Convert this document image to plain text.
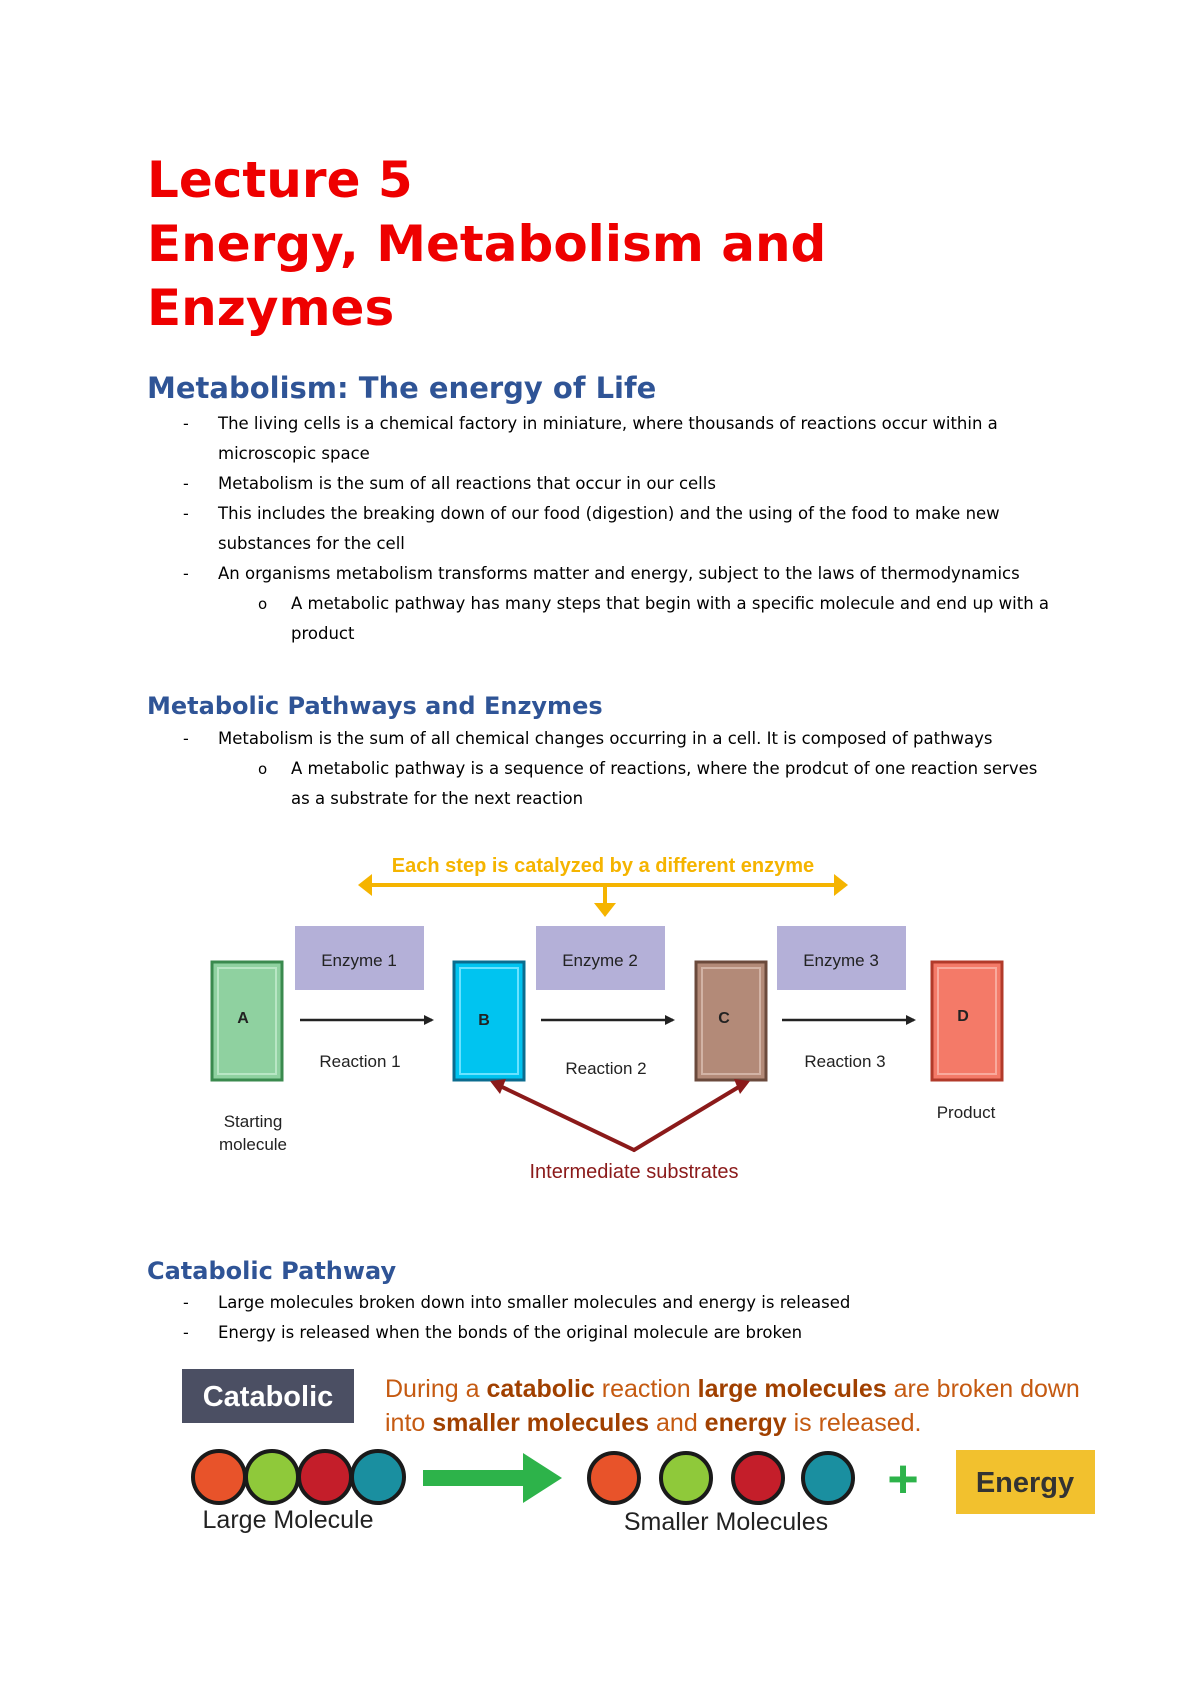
Lecture 5
Energy, Metabolism and
Enzymes
Metabolism: The energy of Life
- The living cells is a chemical factory in miniature, where thousands of reactions occur within a microscopic space
- Metabolism is the sum of all reactions that occur in our cells
- This includes the breaking down of our food (digestion) and the using of the food to make new substances for the cell
- An organisms metabolism transforms matter and energy, subject to the laws of thermodynamics
o A metabolic pathway has many steps that begin with a specific molecule and end up with a product
Metabolic Pathways and Enzymes
- Metabolism is the sum of all chemical changes occurring in a cell. It is composed of pathways
o A metabolic pathway is a sequence of reactions, where the prodcut of one reaction serves as a substrate for the next reaction
Each step is catalyzed by a different enzyme
Enzyme 1	Enzyme 2	Enzyme 3
A	B	C	D
Reaction 1	Reaction 2	Reaction 3
Starting
molecule
Product
Intermediate substrates
Catabolic Pathway
- Large molecules broken down into smaller molecules and energy is released
- Energy is released when the bonds of the original molecule are broken
Catabolic During a catabolic reaction large molecules are broken down
into smaller molecules and energy is released.
Large Molecule	Smaller Molecules
+ Energy
